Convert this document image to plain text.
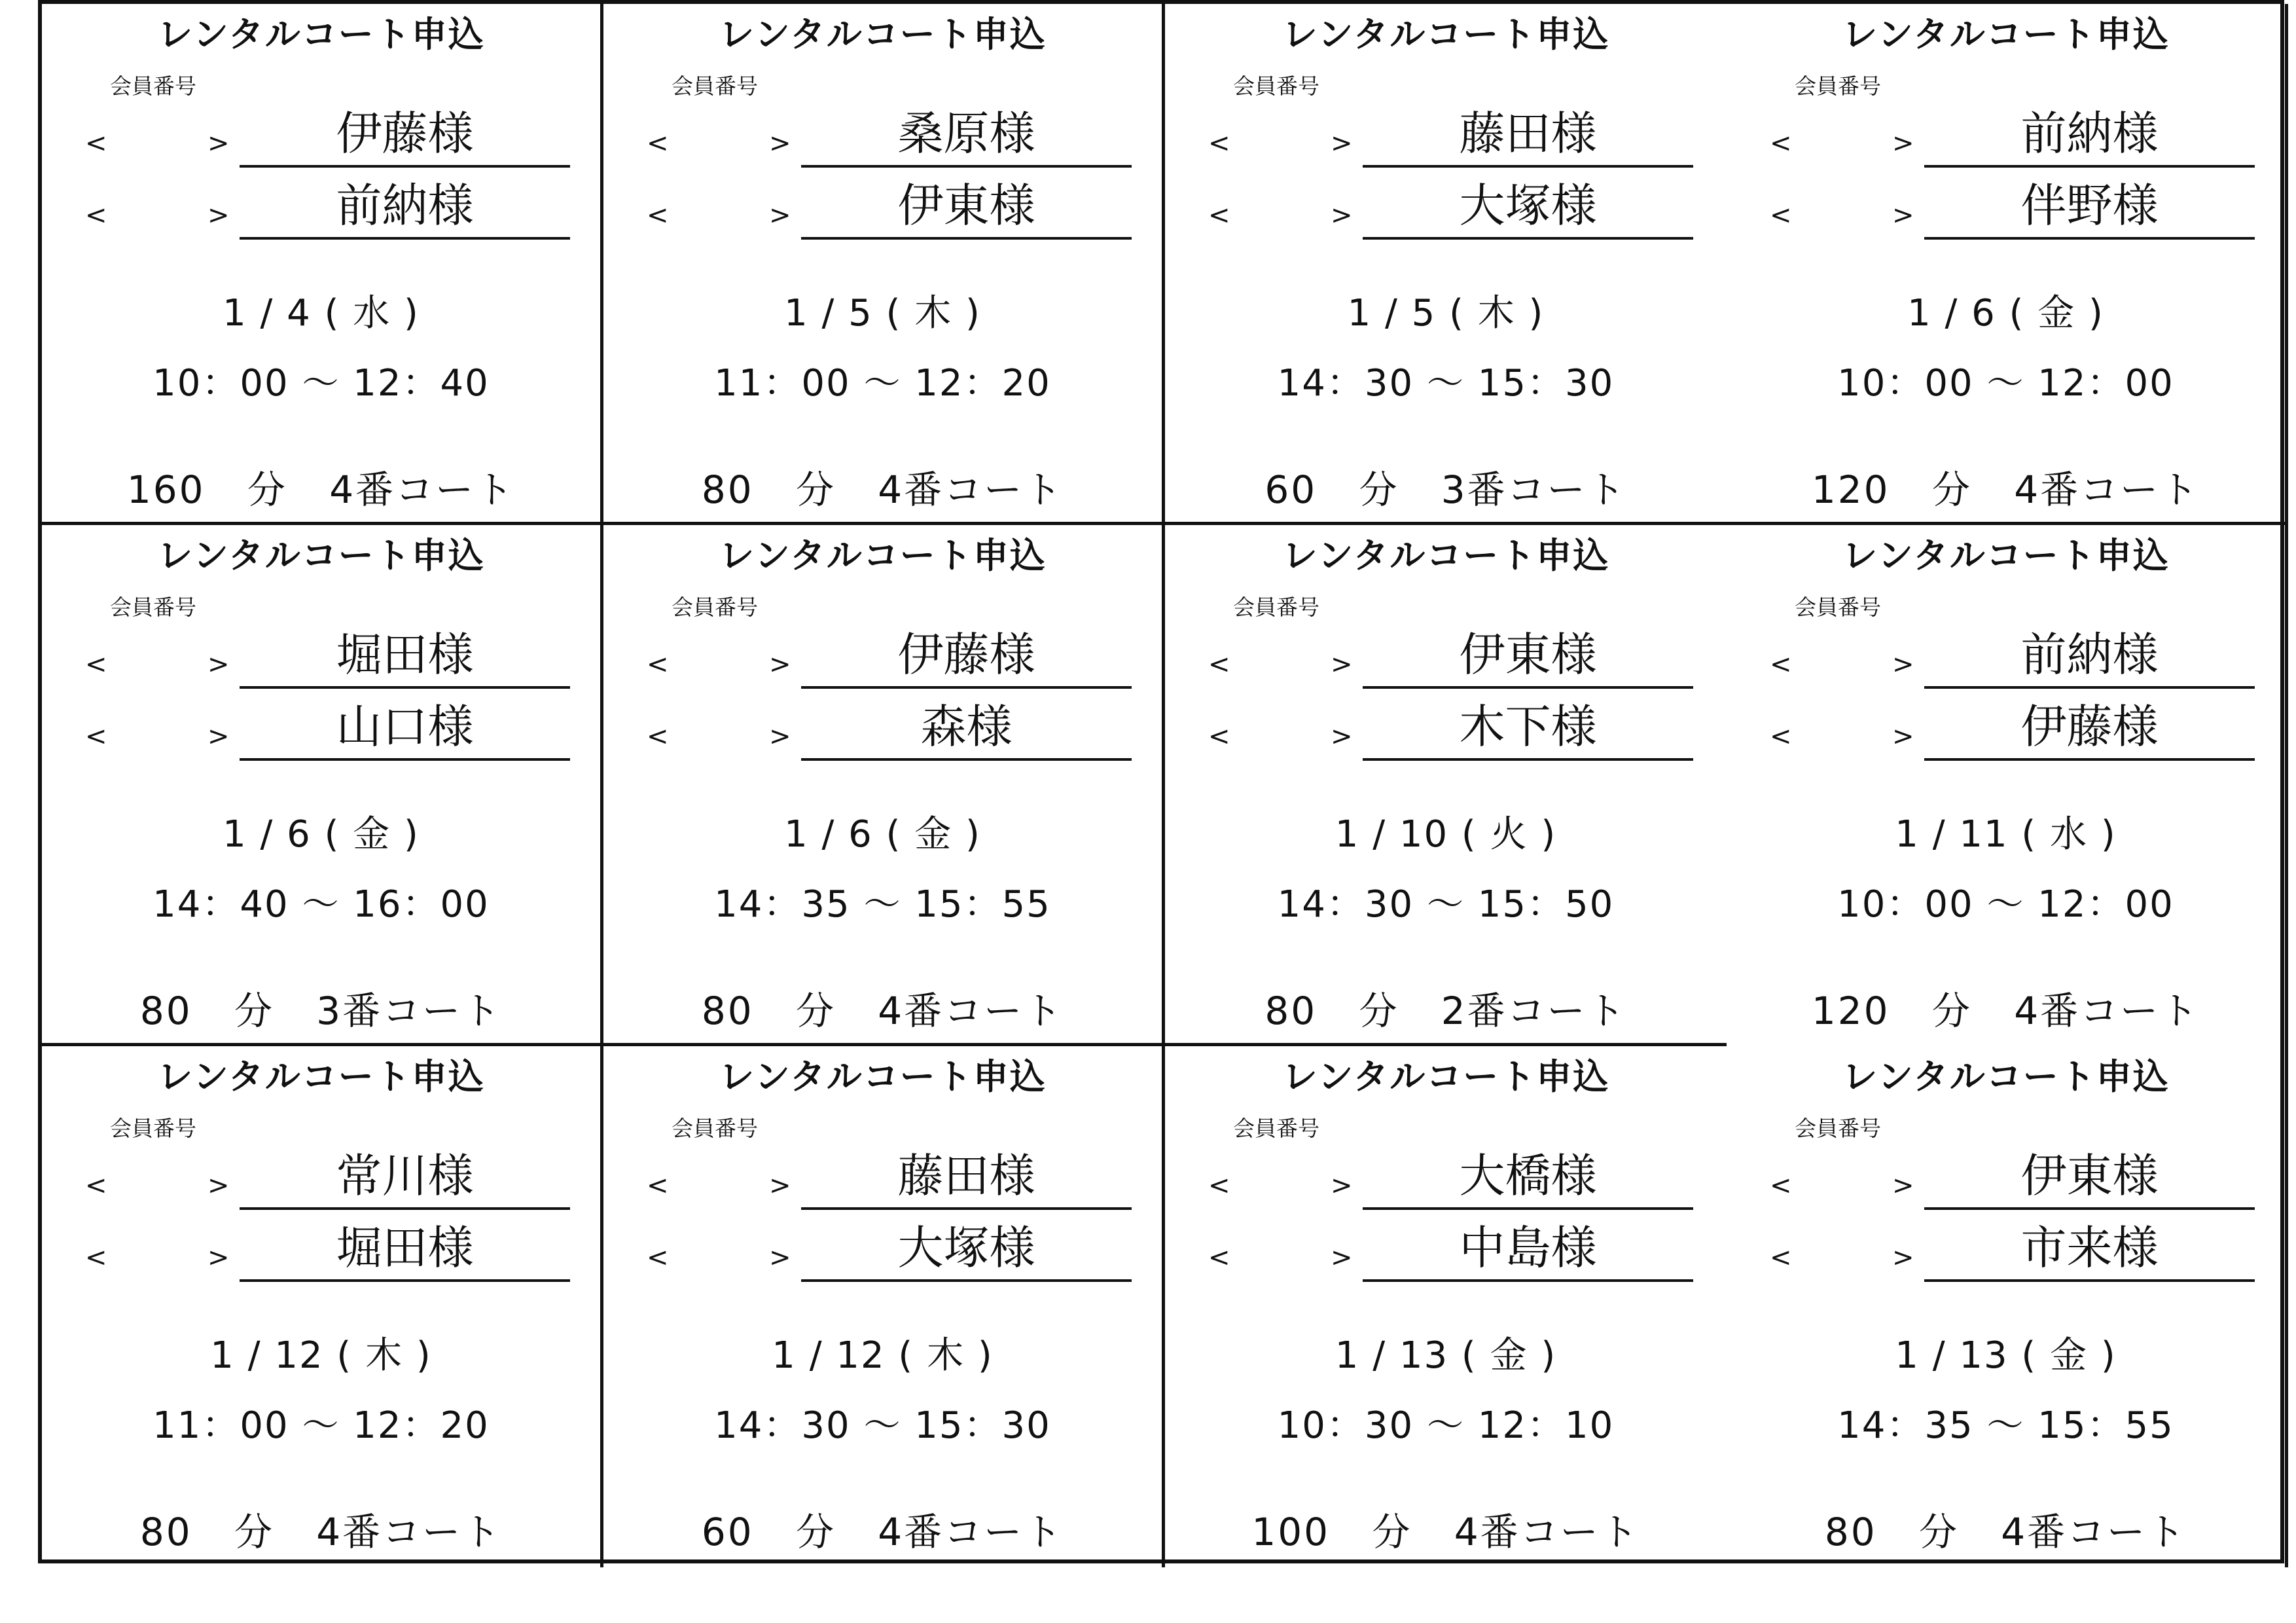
レンタルコート申込
会員番号
<	>	伊藤様
<	>	前納様
1 / 4 ( 水 )
10：00 ～ 12：40
160 分 4番コート
レンタルコート申込
会員番号
<	>	桑原様
<	>	伊東様
1 / 5 ( 木 )
11：00 ～ 12：20
80 分 4番コート
レンタルコート申込
会員番号
<	>	藤田様
<	>	大塚様
1 / 5 ( 木 )
14：30 ～ 15：30
60 分 3番コート
レンタルコート申込
会員番号
<	>	前納様
<	>	伴野様
1 / 6 ( 金 )
10：00 ～ 12：00
120 分 4番コート
レンタルコート申込
会員番号
<	>	堀田様
<	>	山口様
1 / 6 ( 金 )
14：40 ～ 16：00
80 分 3番コート
レンタルコート申込
会員番号
<	>	伊藤様
<	>	森様
1 / 6 ( 金 )
14：35 ～ 15：55
80 分 4番コート
レンタルコート申込
会員番号
<	>	伊東様
<	>	木下様
1 / 10 ( 火 )
14：30 ～ 15：50
80 分 2番コート
レンタルコート申込
会員番号
<	>	前納様
<	>	伊藤様
1 / 11 ( 水 )
10：00 ～ 12：00
120 分 4番コート
レンタルコート申込
会員番号
<	>	常川様
<	>	堀田様
1 / 12 ( 木 )
11：00 ～ 12：20
80 分 4番コート
レンタルコート申込
会員番号
<	>	藤田様
<	>	大塚様
1 / 12 ( 木 )
14：30 ～ 15：30
60 分 4番コート
レンタルコート申込
会員番号
<	>	大橋様
<	>	中島様
1 / 13 ( 金 )
10：30 ～ 12：10
100 分 4番コート
レンタルコート申込
会員番号
<	>	伊東様
<	>	市来様
1 / 13 ( 金 )
14：35 ～ 15：55
80 分 4番コート
